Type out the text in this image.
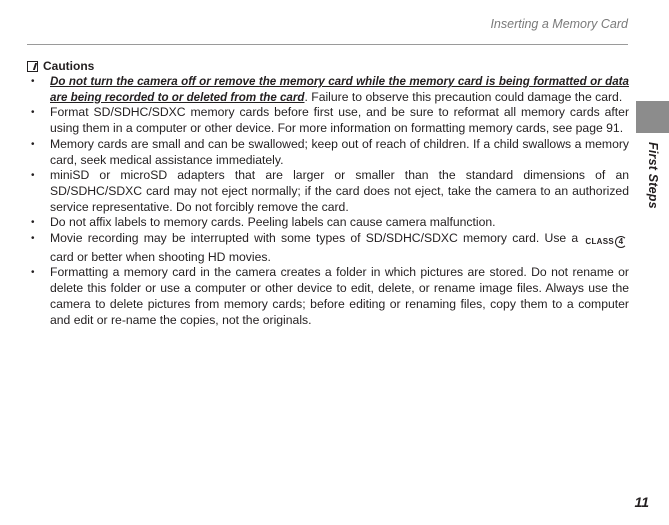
Inserting a Memory Card
Cautions
• Do not turn the camera off or remove the memory card while the memory card is being formatted or data are being recorded to or deleted from the card. Failure to observe this precaution could damage the card.
• Format SD/SDHC/SDXC memory cards before first use, and be sure to reformat all memory cards after using them in a computer or other device. For more information on formatting memory cards, see page 91.
• Memory cards are small and can be swallowed; keep out of reach of children. If a child swallows a memory card, seek medical assistance immediately.
• miniSD or microSD adapters that are larger or smaller than the standard dimensions of an SD/SDHC/SDXC card may not eject normally; if the card does not eject, take the camera to an authorized service representative. Do not forcibly remove the card.
• Do not affix labels to memory cards. Peeling labels can cause camera malfunction.
• Movie recording may be interrupted with some types of SD/SDHC/SDXC memory card. Use a CLASS 4
card or better when shooting HD movies.
• Formatting a memory card in the camera creates a folder in which pictures are stored. Do not rename or delete this folder or use a computer or other device to edit, delete, or rename image files. Always use the camera to delete pictures from memory cards; before editing or renaming files, copy them to a computer and edit or re-name the copies, not the originals.
First Steps
11
